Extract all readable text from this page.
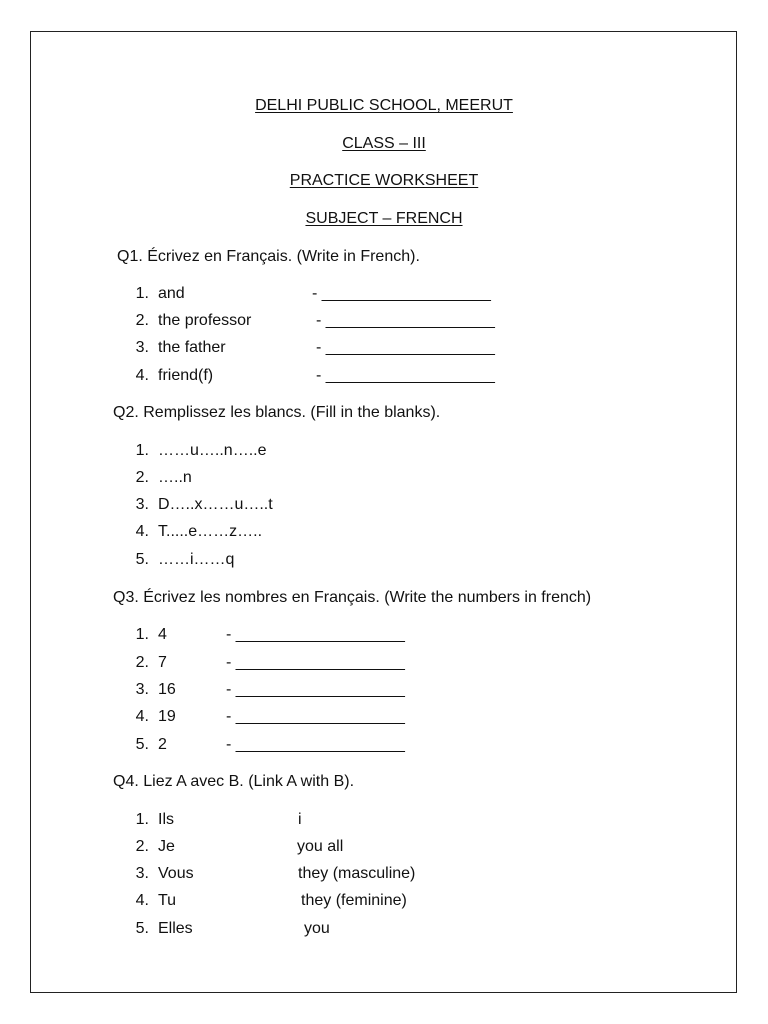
DELHI PUBLIC SCHOOL, MEERUT
CLASS – III
PRACTICE WORKSHEET
SUBJECT – FRENCH
Q1. Écrivez en Français. (Write in French).
1. and	- ___________________
2. the professor	- ___________________
3. the father	- ___________________
4. friend(f)	- ___________________
Q2. Remplissez les blancs. (Fill in the blanks).
1. ……u…..n…..e
2. …..n
3. D…..x……u…..t
4. T.....e……z…..
5. ……i……q
Q3. Écrivez les nombres en Français. (Write the numbers in french)
1. 4	- ___________________
2. 7	- ___________________
3. 16	- ___________________
4. 19	- ___________________
5. 2	- ___________________
Q4. Liez A avec B. (Link A with B).
1. Ils	i
2. Je	you all
3. Vous	they (masculine)
4. Tu	they (feminine)
5. Elles	you
